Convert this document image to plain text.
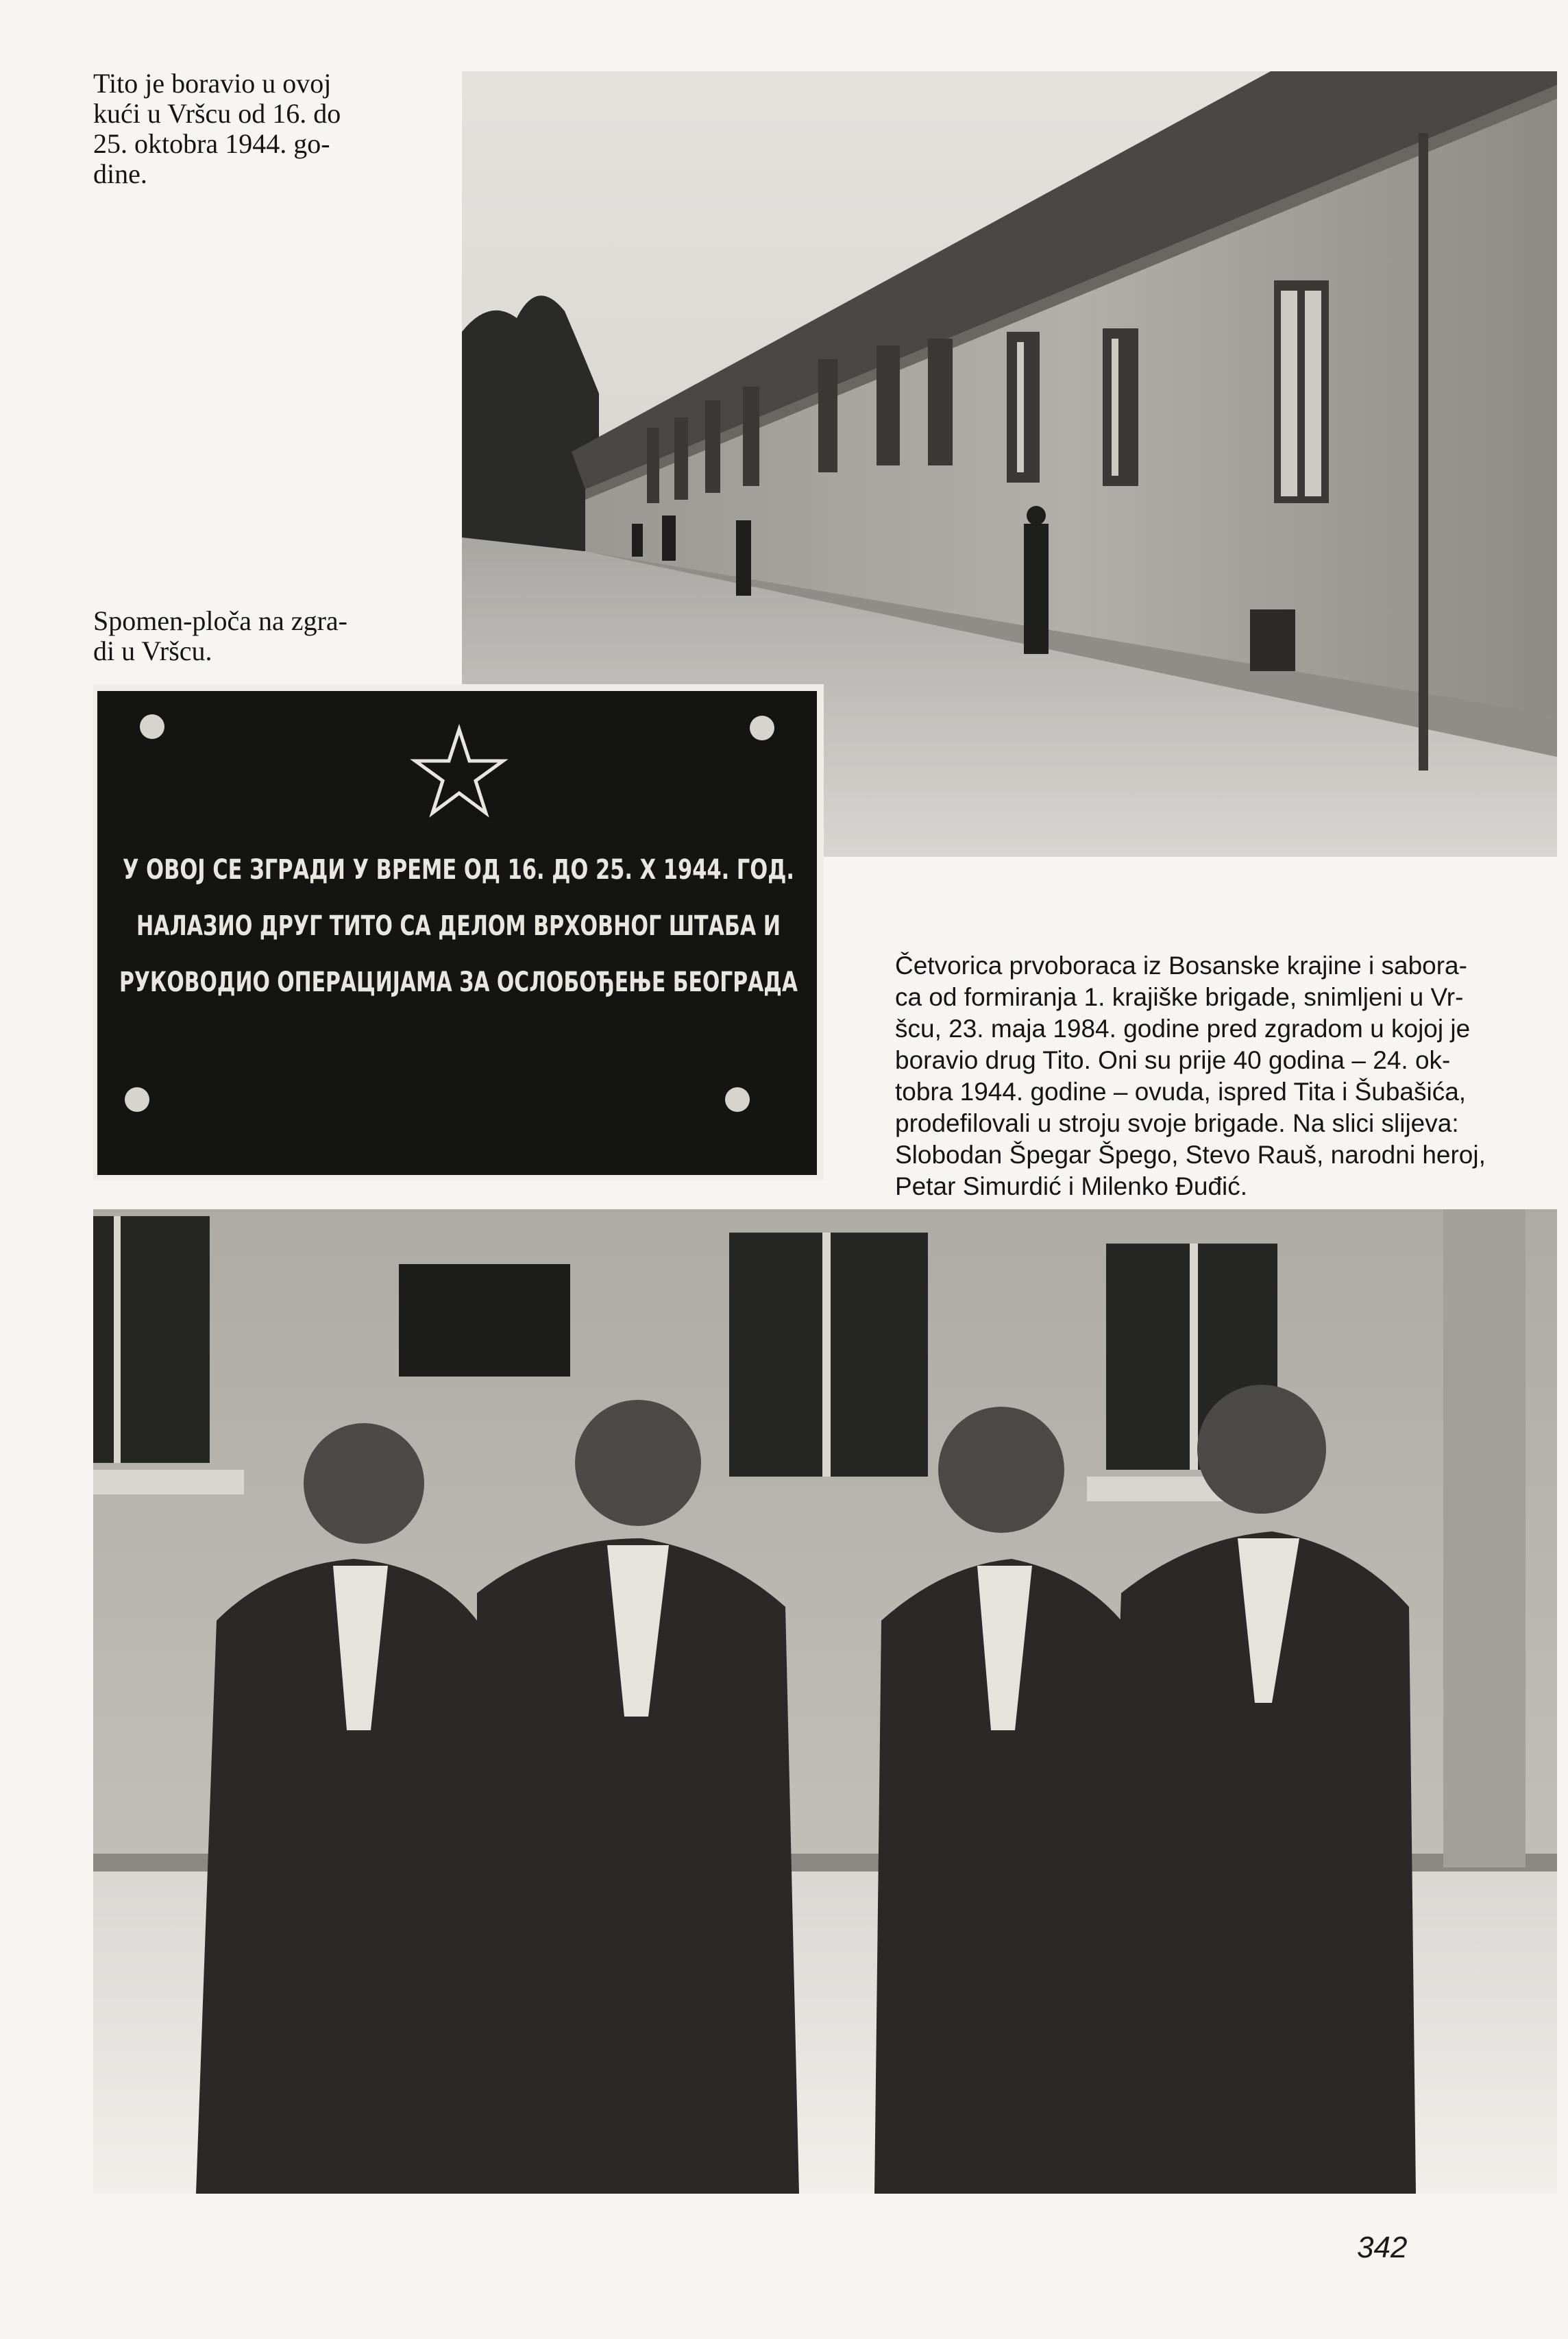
Tito je boravio u ovoj
kući u Vršcu od 16. do
25. oktobra 1944. go-
dine.
Spomen-ploča na zgra-
di u Vršcu.
У ОВОЈ СЕ ЗГРАДИ У ВРЕМЕ ОД 16. ДО 25. X 1944. ГОД.
НАЛАЗИО ДРУГ ТИТО СА ДЕЛОМ ВРХОВНОГ ШТАБА И
РУКОВОДИО ОПЕРАЦИЈАМА ЗА ОСЛОБОЂЕЊЕ БЕОГРАДА
Četvorica prvoboraca iz Bosanske krajine i sabora-
ca od formiranja 1. krajiške brigade, snimljeni u Vr-
šcu, 23. maja 1984. godine pred zgradom u kojoj je
boravio drug Tito. Oni su prije 40 godina – 24. ok-
tobra 1944. godine – ovuda, ispred Tita i Šubašića,
prodefilovali u stroju svoje brigade. Na slici slijeva:
Slobodan Špegar Špego, Stevo Rauš, narodni heroj,
Petar Simurdić i Milenko Đuđić.
342
